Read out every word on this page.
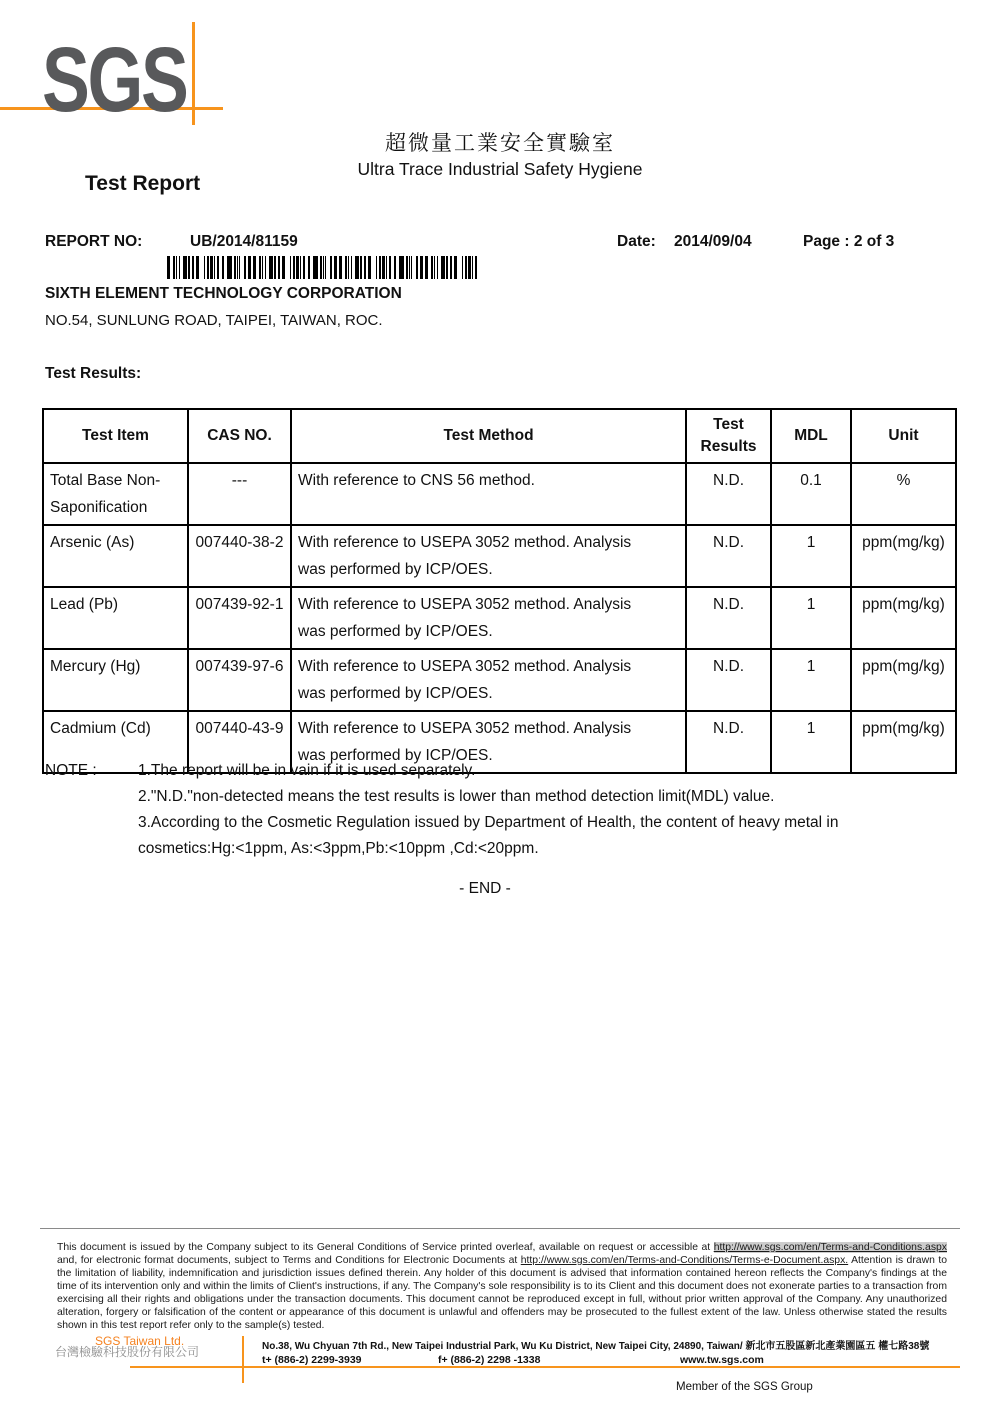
SGS
Test Report
超微量工業安全實驗室
Ultra Trace Industrial Safety Hygiene
REPORT NO:	UB/2014/81159	Date: 2014/09/04	Page : 2 of 3
SIXTH ELEMENT TECHNOLOGY CORPORATION
NO.54, SUNLUNG ROAD, TAIPEI, TAIWAN, ROC.
Test Results:
Test Item	CAS NO.	Test Method	Test Results	MDL	Unit
Total Base Non-Saponification	---	With reference to CNS 56 method.	N.D.	0.1	%
Arsenic (As)	007440-38-2	With reference to USEPA 3052 method. Analysis was performed by ICP/OES.	N.D.	1	ppm(mg/kg)
Lead (Pb)	007439-92-1	With reference to USEPA 3052 method. Analysis was performed by ICP/OES.	N.D.	1	ppm(mg/kg)
Mercury (Hg)	007439-97-6	With reference to USEPA 3052 method. Analysis was performed by ICP/OES.	N.D.	1	ppm(mg/kg)
Cadmium (Cd)	007440-43-9	With reference to USEPA 3052 method. Analysis was performed by ICP/OES.	N.D.	1	ppm(mg/kg)
NOTE :	1.The report will be in vain if it is used separately.
2."N.D."non-detected means the test results is lower than method detection limit(MDL) value.
3.According to the Cosmetic Regulation issued by Department of Health, the content of heavy metal in cosmetics:Hg:<1ppm, As:<3ppm,Pb:<10ppm ,Cd:<20ppm.
- END -
This document is issued by the Company subject to its General Conditions of Service printed overleaf, available on request or accessible at http://www.sgs.com/en/Terms-and-Conditions.aspx and, for electronic format documents, subject to Terms and Conditions for Electronic Documents at http://www.sgs.com/en/Terms-and-Conditions/Terms-e-Document.aspx. Attention is drawn to the limitation of liability, indemnification and jurisdiction issues defined therein. Any holder of this document is advised that information contained hereon reflects the Company's findings at the time of its intervention only and within the limits of Client's instructions, if any. The Company's sole responsibility is to its Client and this document does not exonerate parties to a transaction from exercising all their rights and obligations under the transaction documents. This document cannot be reproduced except in full, without prior written approval of the Company. Any unauthorized alteration, forgery or falsification of the content or appearance of this document is unlawful and offenders may be prosecuted to the fullest extent of the law. Unless otherwise stated the results shown in this test report refer only to the sample(s) tested.
SGS Taiwan Ltd.
台灣檢驗科技股份有限公司	No.38, Wu Chyuan 7th Rd., New Taipei Industrial Park, Wu Ku District, New Taipei City, 24890, Taiwan/ 新北市五股區新北產業園區五 權七路38號
t+ (886-2) 2299-3939	f+ (886-2) 2298 -1338	www.tw.sgs.com
Member of the SGS Group
